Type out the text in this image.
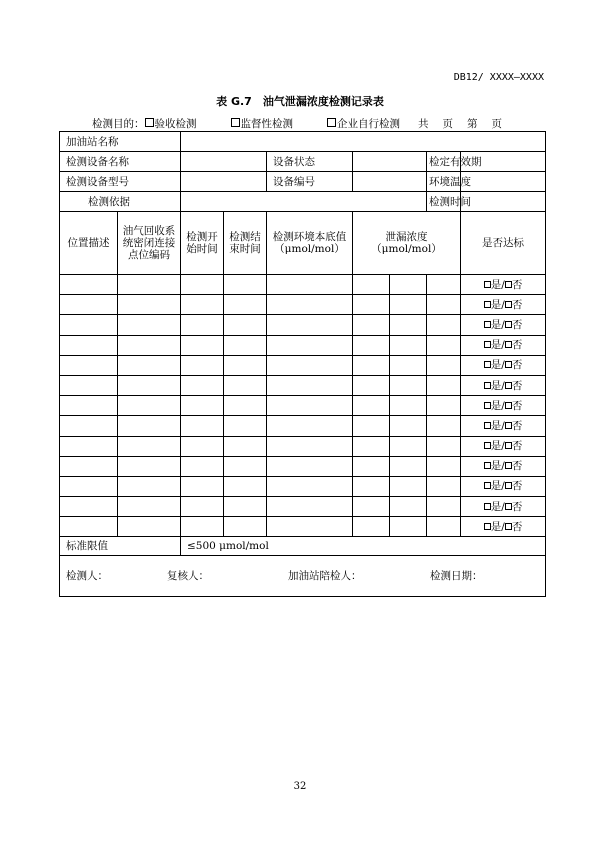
DB12/ XXXX—XXXX
表 G.7　油气泄漏浓度检测记录表
检测目的： 验收检测	监督性检测	企业自行检测 共 页 第 页
加油站名称								
检测设备名称				设备状态			检定有效期	
检测设备型号				设备编号			环境温度	
检测依据							检测时间	
位置描述	油气回收系统密闭连接点位编码	检测开始时间	检测结束时间	检测环境本底值（μmol/mol）	泄漏浓度（μmol/mol）			是否达标
								是/ 否
								是/ 否
								是/ 否
								是/ 否
								是/ 否
								是/ 否
								是/ 否
								是/ 否
								是/ 否
								是/ 否
								是/ 否
								是/ 否
								是/ 否
标准限值		≤500 μmol/mol						

检测人： 复核人： 加油站陪检人： 检测日期：								
32
